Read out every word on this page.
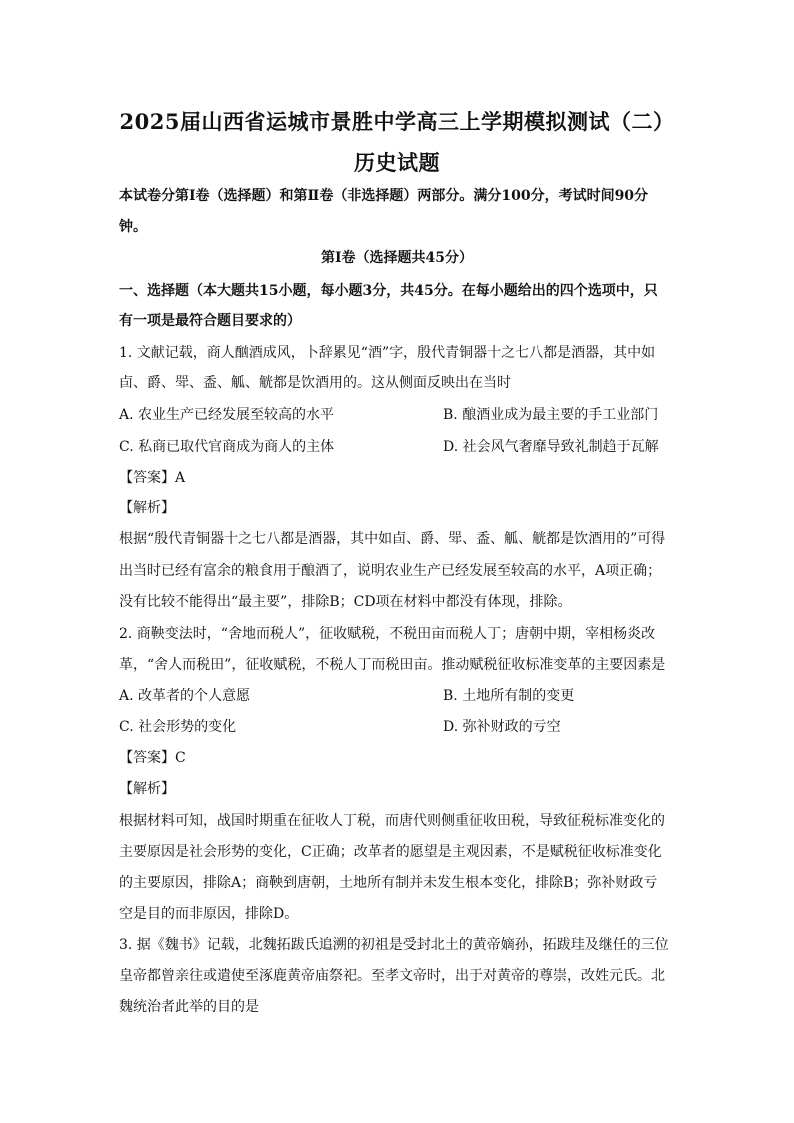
2025届山西省运城市景胜中学高三上学期模拟测试（二）
历史试题
本试卷分第Ⅰ卷（选择题）和第Ⅱ卷（非选择题）两部分。满分100分，考试时间90分
钟。
第Ⅰ卷（选择题共45分）
一、选择题（本大题共15小题，每小题3分，共45分。在每小题给出的四个选项中，只
有一项是最符合题目要求的）
1. 文献记载，商人酗酒成风，卜辞累见“酒”字，殷代青铜器十之七八都是酒器，其中如
卣、爵、斝、盉、觚、觥都是饮酒用的。这从侧面反映出在当时
A. 农业生产已经发展至较高的水平	B. 酿酒业成为最主要的手工业部门
C. 私商已取代官商成为商人的主体	D. 社会风气奢靡导致礼制趋于瓦解
【答案】A
【解析】
根据“殷代青铜器十之七八都是酒器，其中如卣、爵、斝、盉、觚、觥都是饮酒用的”可得
出当时已经有富余的粮食用于酿酒了，说明农业生产已经发展至较高的水平，A项正确；
没有比较不能得出“最主要”，排除B；CD项在材料中都没有体现，排除。
2. 商鞅变法时，“舍地而税人”，征收赋税，不税田亩而税人丁；唐朝中期，宰相杨炎改
革，“舍人而税田”，征收赋税，不税人丁而税田亩。推动赋税征收标准变革的主要因素是
A. 改革者的个人意愿	B. 土地所有制的变更
C. 社会形势的变化	D. 弥补财政的亏空
【答案】C
【解析】
根据材料可知，战国时期重在征收人丁税，而唐代则侧重征收田税，导致征税标准变化的
主要原因是社会形势的变化，C正确；改革者的愿望是主观因素，不是赋税征收标准变化
的主要原因，排除A；商鞅到唐朝，土地所有制并未发生根本变化，排除B；弥补财政亏
空是目的而非原因，排除D。
3. 据《魏书》记载，北魏拓跋氏追溯的初祖是受封北土的黄帝嫡孙，拓跋珪及继任的三位
皇帝都曾亲往或遣使至涿鹿黄帝庙祭祀。至孝文帝时，出于对黄帝的尊崇，改姓元氏。北
魏统治者此举的目的是
